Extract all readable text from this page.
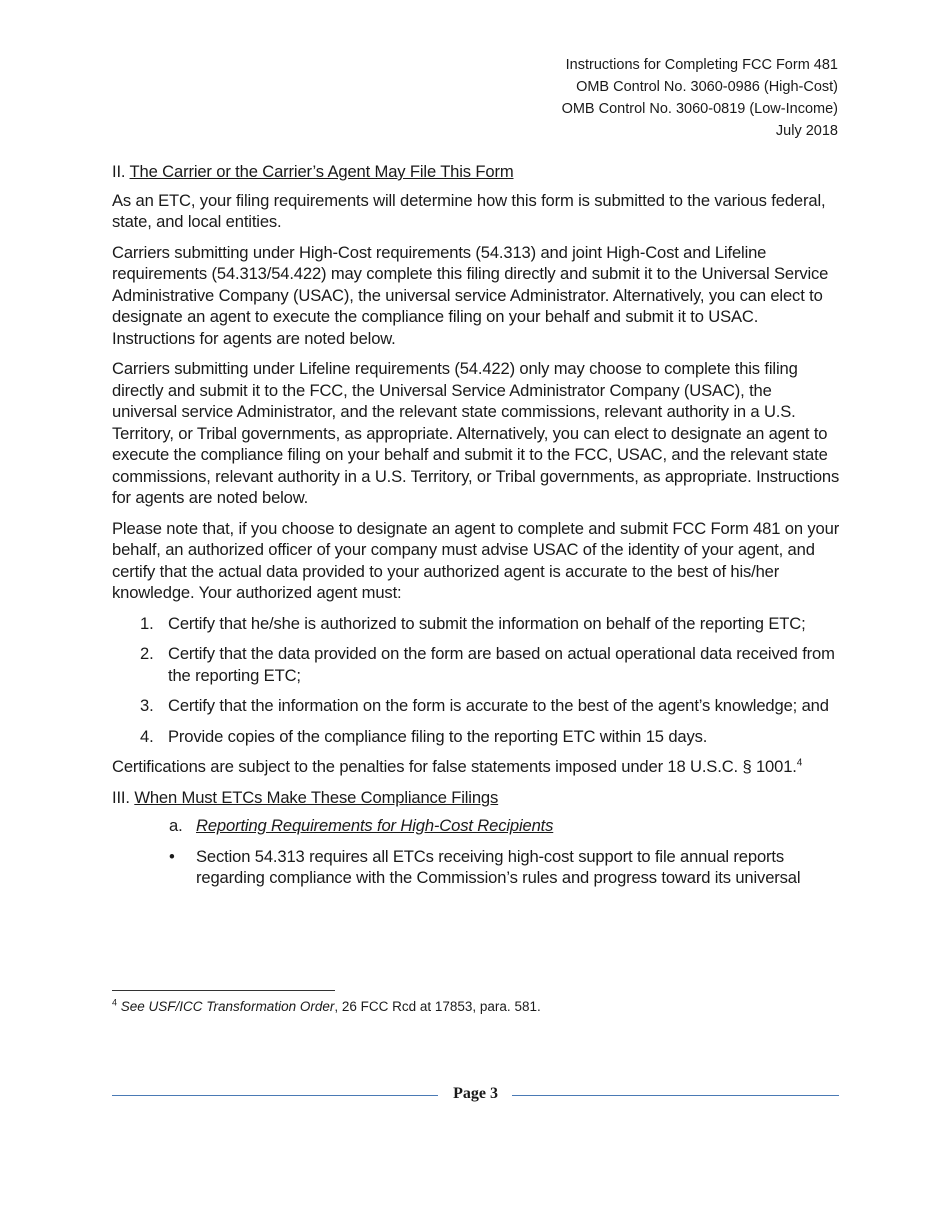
Instructions for Completing FCC Form 481
OMB Control No. 3060-0986 (High-Cost)
OMB Control No. 3060-0819 (Low-Income)
July 2018
II. The Carrier or the Carrier’s Agent May File This Form

As an ETC, your filing requirements will determine how this form is submitted to the various federal, state, and local entities.

Carriers submitting under High-Cost requirements (54.313) and joint High-Cost and Lifeline requirements (54.313/54.422) may complete this filing directly and submit it to the Universal Service Administrative Company (USAC), the universal service Administrator. Alternatively, you can elect to designate an agent to execute the compliance filing on your behalf and submit it to USAC. Instructions for agents are noted below.

Carriers submitting under Lifeline requirements (54.422) only may choose to complete this filing directly and submit it to the FCC, the Universal Service Administrator Company (USAC), the universal service Administrator, and the relevant state commissions, relevant authority in a U.S. Territory, or Tribal governments, as appropriate. Alternatively, you can elect to designate an agent to execute the compliance filing on your behalf and submit it to the FCC, USAC, and the relevant state commissions, relevant authority in a U.S. Territory, or Tribal governments, as appropriate. Instructions for agents are noted below.

Please note that, if you choose to designate an agent to complete and submit FCC Form 481 on your behalf, an authorized officer of your company must advise USAC of the identity of your agent, and certify that the actual data provided to your authorized agent is accurate to the best of his/her knowledge. Your authorized agent must:

1. Certify that he/she is authorized to submit the information on behalf of the reporting ETC;
2. Certify that the data provided on the form are based on actual operational data received from the reporting ETC;
3. Certify that the information on the form is accurate to the best of the agent’s knowledge; and
4. Provide copies of the compliance filing to the reporting ETC within 15 days.

Certifications are subject to the penalties for false statements imposed under 18 U.S.C. § 1001.$^4$

III. When Must ETCs Make These Compliance Filings
a. Reporting Requirements for High-Cost Recipients
• Section 54.313 requires all ETCs receiving high-cost support to file annual reports regarding compliance with the Commission’s rules and progress toward its universal
$^4$ See USF/ICC Transformation Order, 26 FCC Rcd at 17853, para. 581.
Page 3
